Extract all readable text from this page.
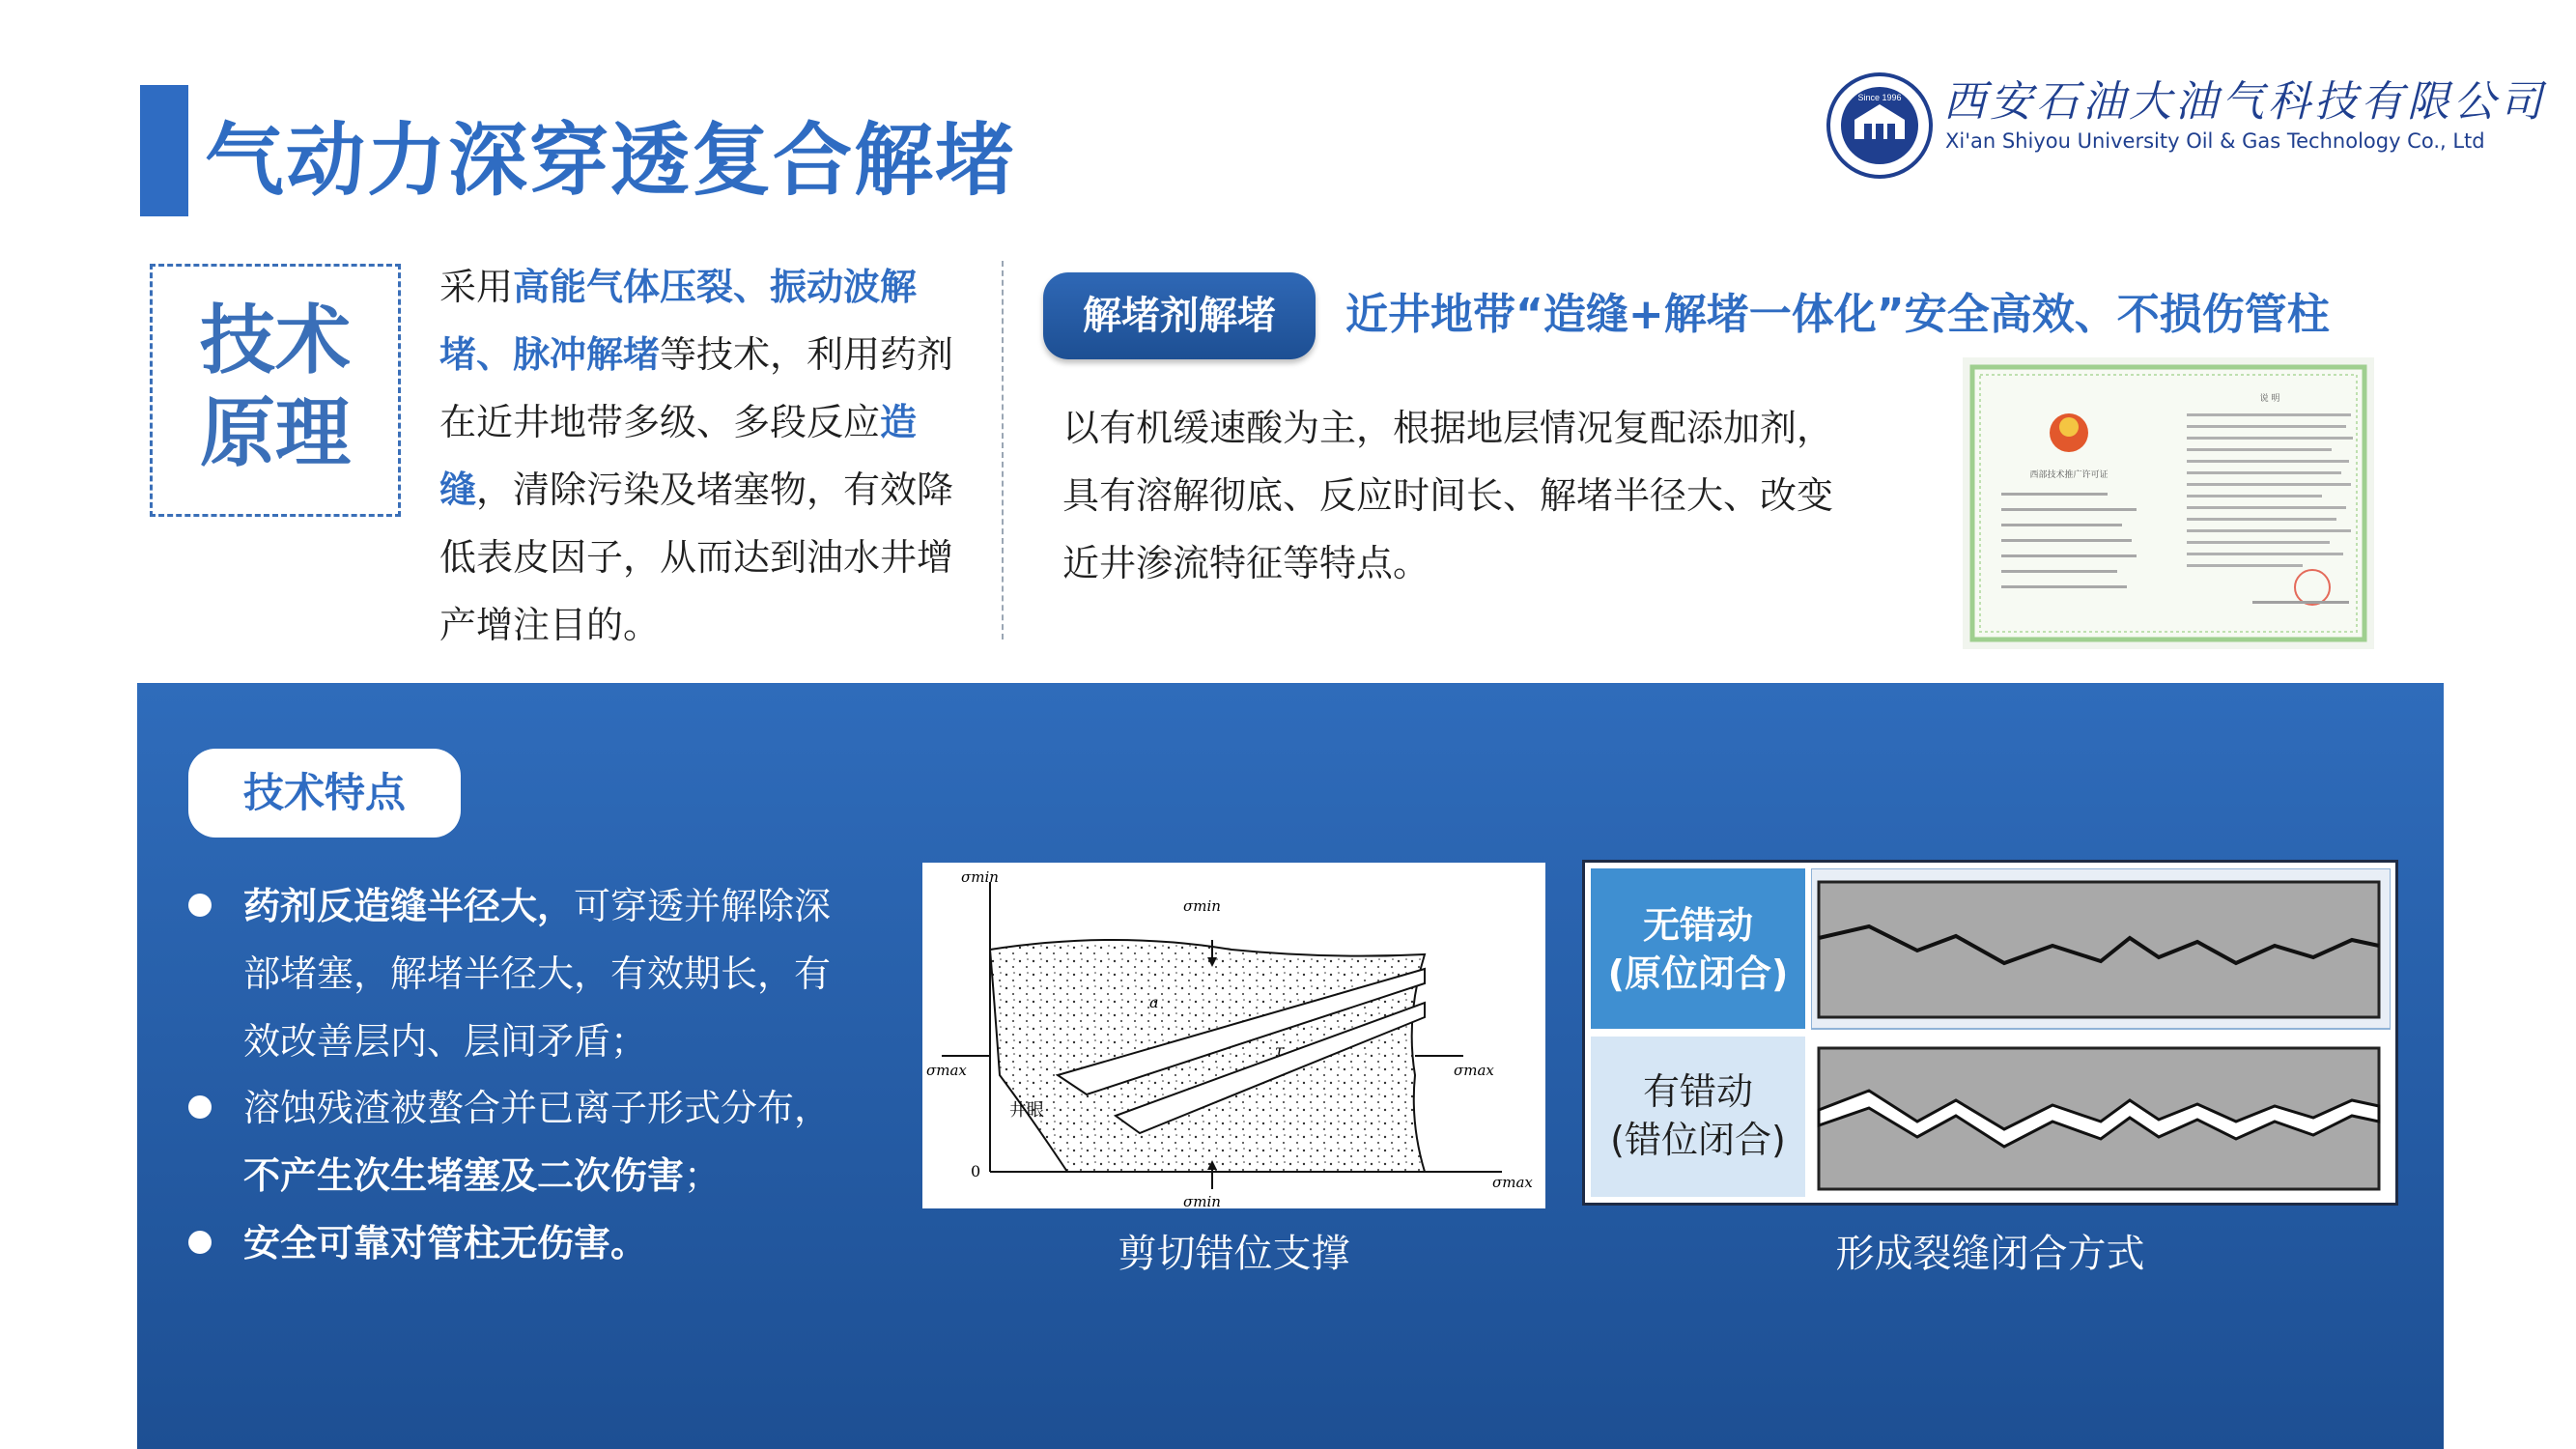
气动力深穿透复合解堵
Since 1996 西安石油大油气科技有限公司
Xi'an Shiyou University Oil & Gas Technology Co., Ltd
技术
原理
采用高能气体压裂、振动波解堵、脉冲解堵等技术，利用药剂在近井地带多级、多段反应造缝，清除污染及堵塞物，有效降低表皮因子，从而达到油水井增产增注目的。
解堵剂解堵	近井地带“造缝+解堵一体化”安全高效、不损伤管柱
以有机缓速酸为主，根据地层情况复配添加剂，
具有溶解彻底、反应时间长、解堵半径大、改变
近井渗流特征等特点。
西部技术推广许可证
说 明
技术特点
药剂反造缝半径大，可穿透并解除深部堵塞，解堵半径大，有效期长，有效改善层内、层间矛盾；
溶蚀残渣被螯合并已离子形式分布，不产生次生堵塞及二次伤害；
安全可靠对管柱无伤害。
σmin
σmin
σmin
σmax	σmax
σmax
井眼
0
a
τ
剪切错位支撑
无错动
(原位闭合)
有错动
(错位闭合)
形成裂缝闭合方式
